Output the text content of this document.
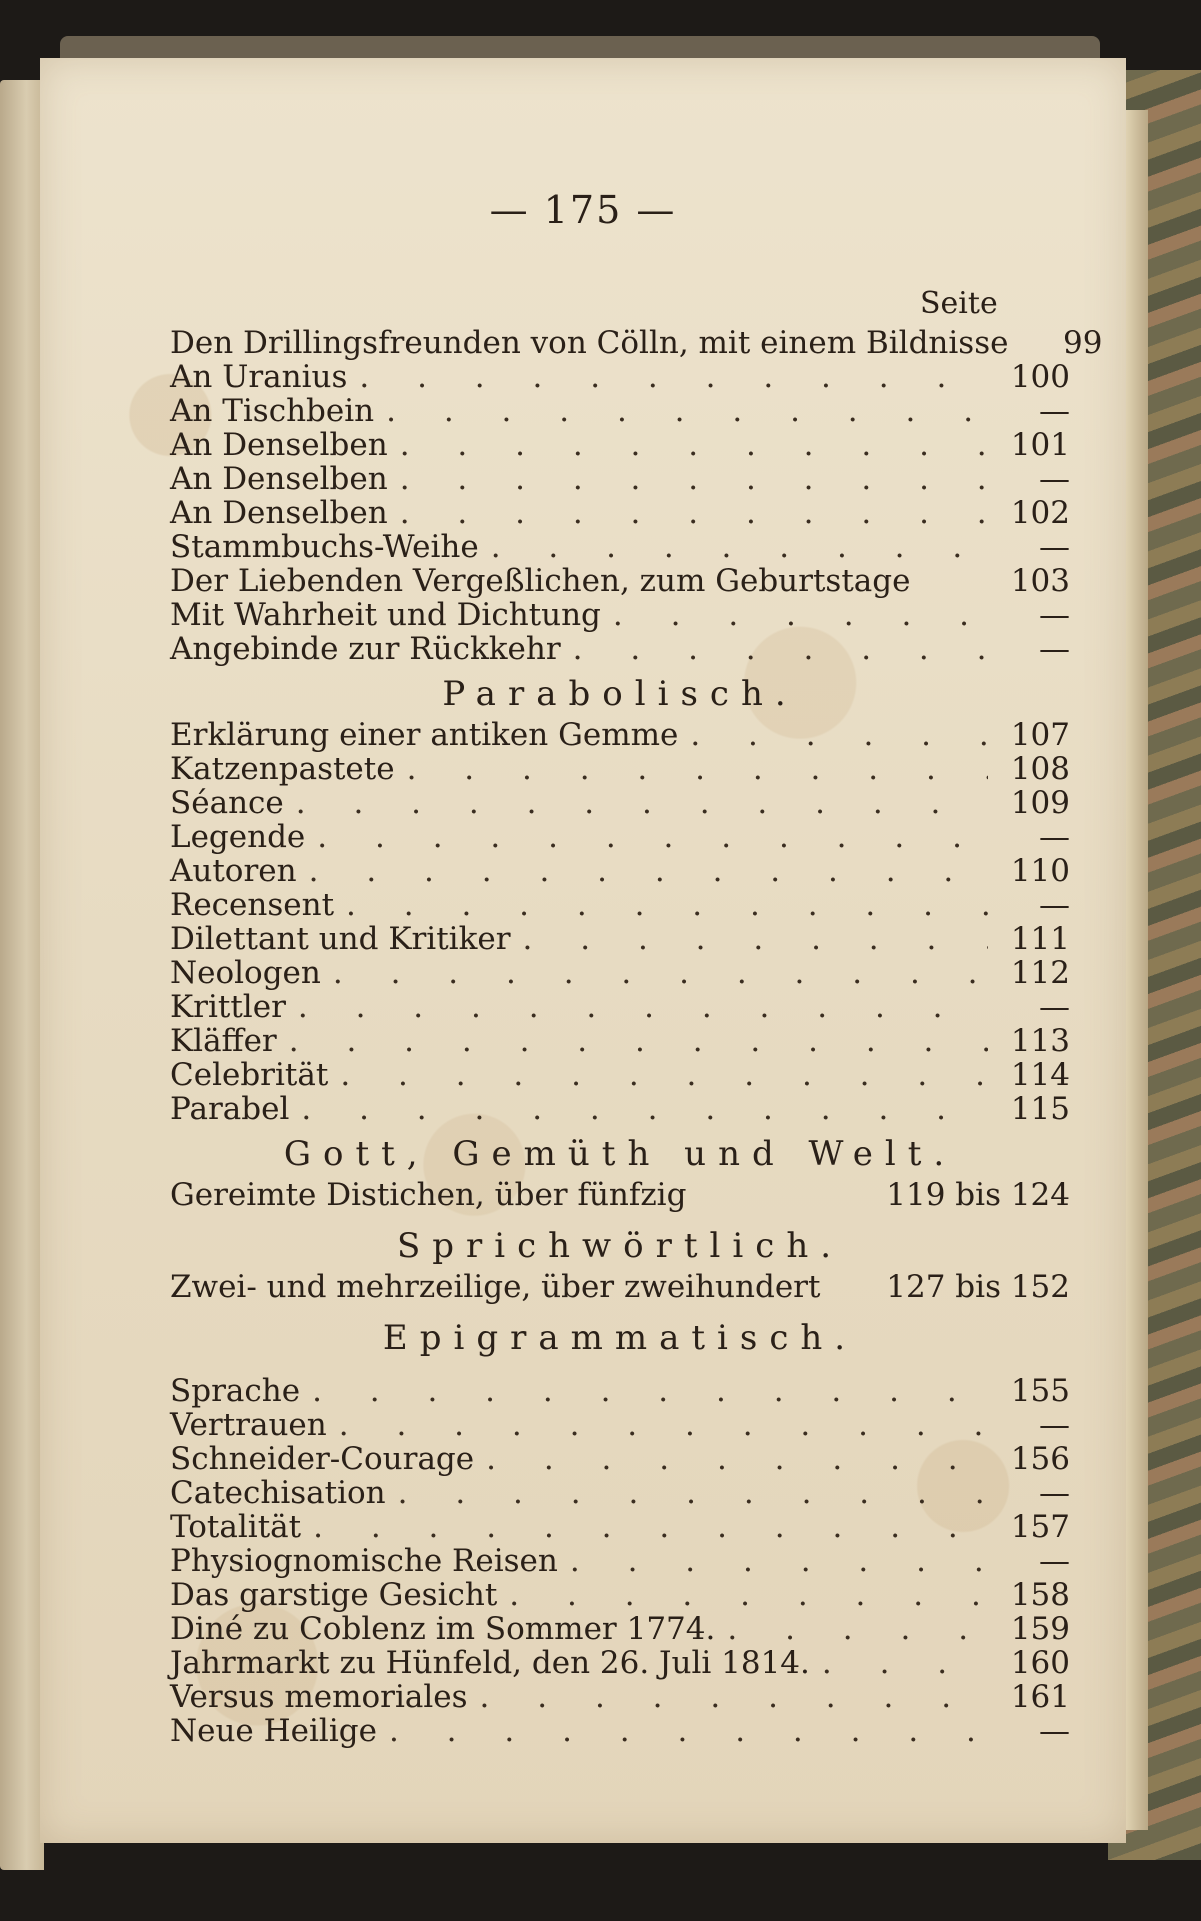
— 175 —
Seite
Den Drillingsfreunden von Cölln, mit einem Bildnisse	99
An Uranius . . .	100
An Tischbein . . .	—
An Denselben . . .	101
An Denselben . . .	—
An Denselben . . .	102
Stammbuchs-Weihe . . .	—
Der Liebenden Vergeßlichen, zum Geburtstage	103
Mit Wahrheit und Dichtung . . .	—
Angebinde zur Rückkehr . . .	—
Parabolisch.
Erklärung einer antiken Gemme . . .	107
Katzenpastete . . .	108
Séance . . .	109
Legende . . .	—
Autoren . . .	110
Recensent . . .	—
Dilettant und Kritiker . . .	111
Neologen . . .	112
Krittler . . .	—
Kläffer . . .	113
Celebrität . . .	114
Parabel . . .	115
Gott, Gemüth und Welt.
Gereimte Distichen, über fünfzig	119 bis 124
Sprichwörtlich.
Zwei- und mehrzeilige, über zweihundert	127 bis 152
Epigrammatisch.
Sprache . . .	155
Vertrauen . . .	—
Schneider-Courage . . .	156
Catechisation . . .	—
Totalität . . .	157
Physiognomische Reisen . . .	—
Das garstige Gesicht . . .	158
Diné zu Coblenz im Sommer 1774. . . .	159
Jahrmarkt zu Hünfeld, den 26. Juli 1814. . . .	160
Versus memoriales . . .	161
Neue Heilige . . .	—
